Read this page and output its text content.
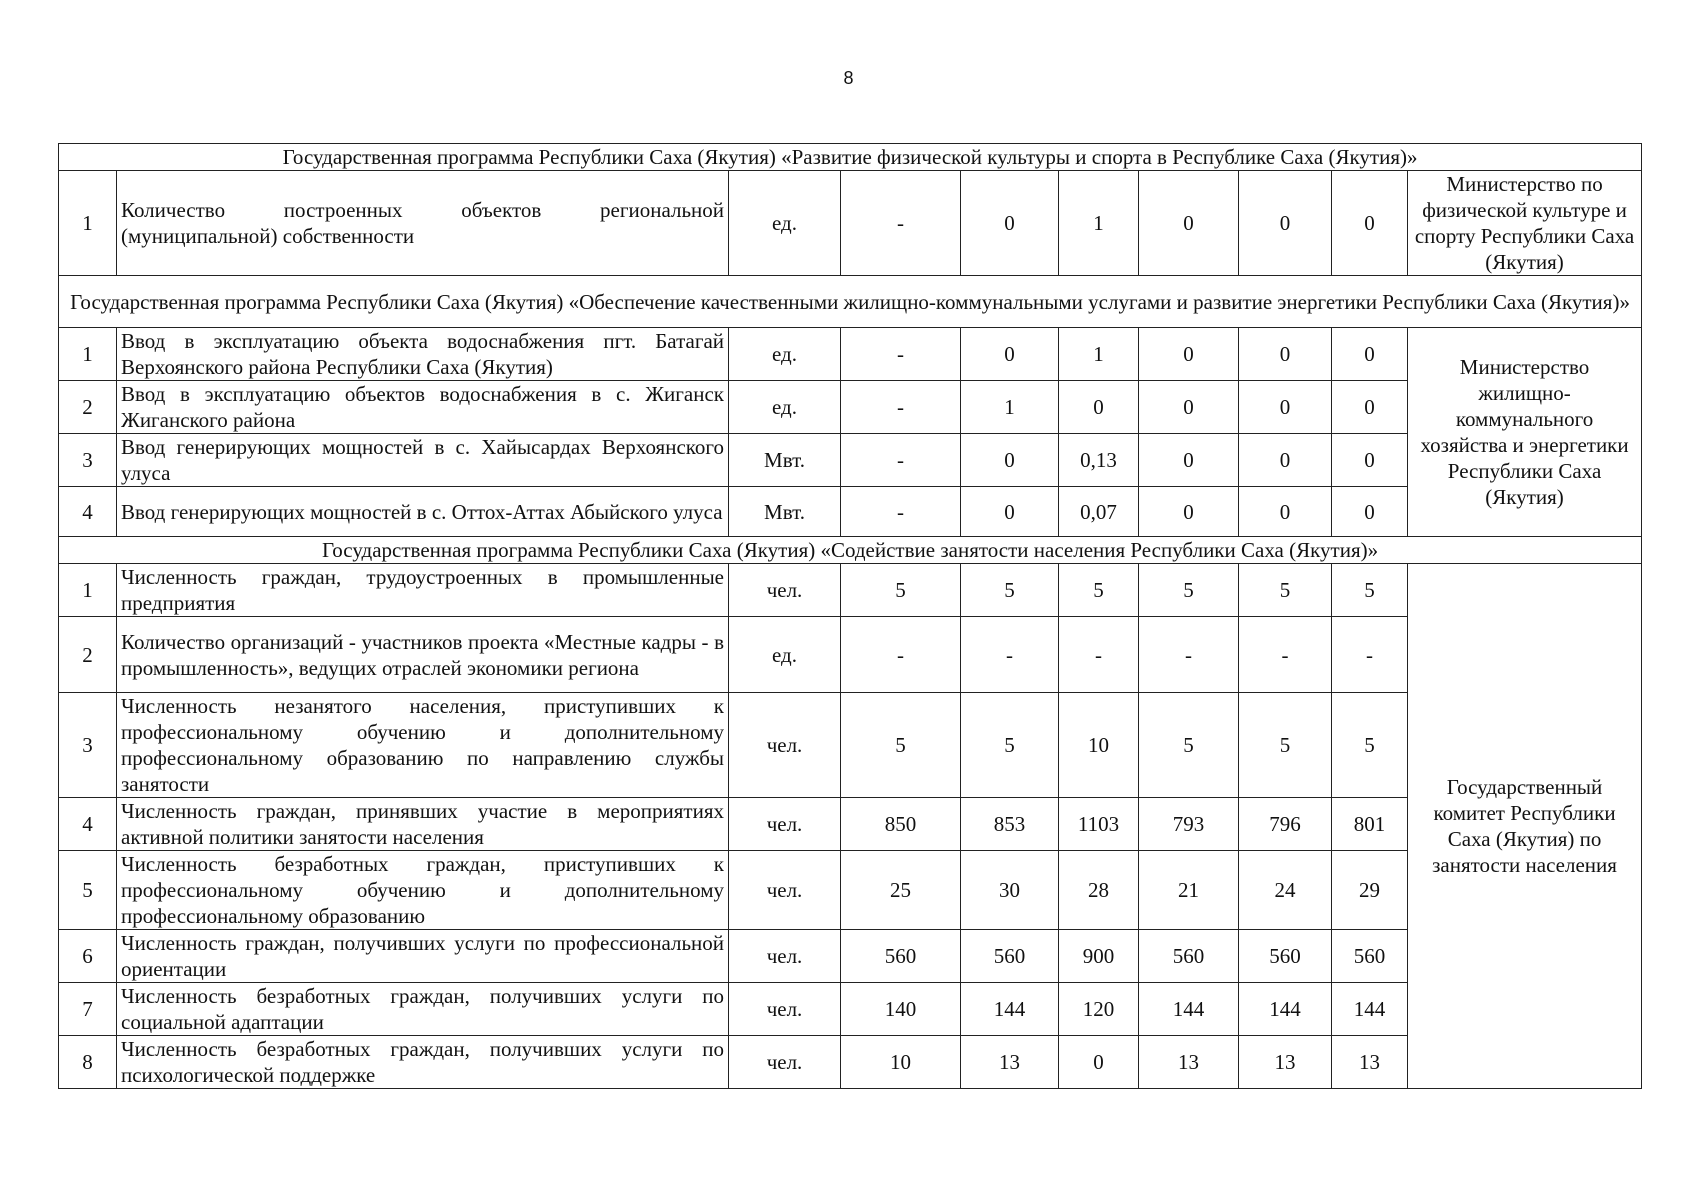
8
Государственная программа Республики Саха (Якутия) «Развитие физической культуры и спорта в Республике Саха (Якутия)»									
1	Количество построенных объектов региональной (муниципальной) собственности	ед.	-	0	1	0	0	0	Министерство по физической культуре и спорту Республики Саха (Якутия)
Государственная программа Республики Саха (Якутия) «Обеспечение качественными жилищно-коммунальными услугами и развитие энергетики Республики Саха (Якутия)»									
1	Ввод в эксплуатацию объекта водоснабжения пгт. Батагай Верхоянского района Республики Саха (Якутия)	ед.	-	0	1	0	0	0	Министерство жилищно-коммунального хозяйства и энергетики Республики Саха (Якутия)
2	Ввод в эксплуатацию объектов водоснабжения в с. Жиганск Жиганского района	ед.	-	1	0	0	0	0	
3	Ввод генерирующих мощностей в с. Хайысардах Верхоянского улуса	Мвт.	-	0	0,13	0	0	0	
4	Ввод генерирующих мощностей в с. Оттох-Аттах Абыйского улуса	Мвт.	-	0	0,07	0	0	0	
Государственная программа Республики Саха (Якутия) «Содействие занятости населения Республики Саха (Якутия)»									
1	Численность граждан, трудоустроенных в промышленные предприятия	чел.	5	5	5	5	5	5	Государственный комитет Республики Саха (Якутия) по занятости населения
2	Количество организаций - участников проекта «Местные кадры - в промышленность», ведущих отраслей экономики региона	ед.	-	-	-	-	-	-	
3	Численность незанятого населения, приступивших к профессиональному обучению и дополнительному профессиональному образованию по направлению службы занятости	чел.	5	5	10	5	5	5	
4	Численность граждан, принявших участие в мероприятиях активной политики занятости населения	чел.	850	853	1103	793	796	801	
5	Численность безработных граждан, приступивших к профессиональному обучению и дополнительному профессиональному образованию	чел.	25	30	28	21	24	29	
6	Численность граждан, получивших услуги по профессиональной ориентации	чел.	560	560	900	560	560	560	
7	Численность безработных граждан, получивших услуги по социальной адаптации	чел.	140	144	120	144	144	144	
8	Численность безработных граждан, получивших услуги по психологической поддержке	чел.	10	13	0	13	13	13	
